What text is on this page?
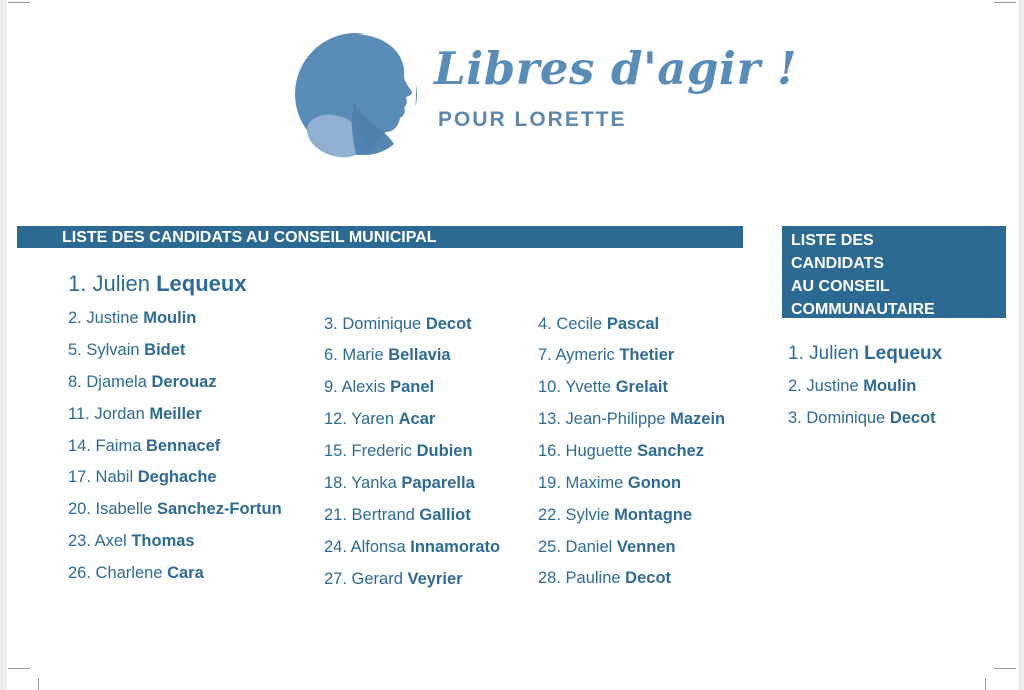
Libres d'agir !
POUR LORETTE
LISTE DES CANDIDATS AU CONSEIL MUNICIPAL	LISTE DES
CANDIDATS
AU CONSEIL
COMMUNAUTAIRE
1. Julien Lequeux
2. Justine Moulin	3. Dominique Decot	4. Cecile Pascal
5. Sylvain Bidet	6. Marie Bellavia	7. Aymeric Thetier
8. Djamela Derouaz	9. Alexis Panel	10. Yvette Grelait
11. Jordan Meiller	12. Yaren Acar	13. Jean-Philippe Mazein
14. Faima Bennacef	15. Frederic Dubien	16. Huguette Sanchez
17. Nabil Deghache	18. Yanka Paparella	19. Maxime Gonon
20. Isabelle Sanchez-Fortun	21. Bertrand Galliot	22. Sylvie Montagne
23. Axel Thomas	24. Alfonsa Innamorato 25. Daniel Vennen
26. Charlene Cara	27. Gerard Veyrier	28. Pauline Decot
1. Julien Lequeux
2. Justine Moulin
3. Dominique Decot
